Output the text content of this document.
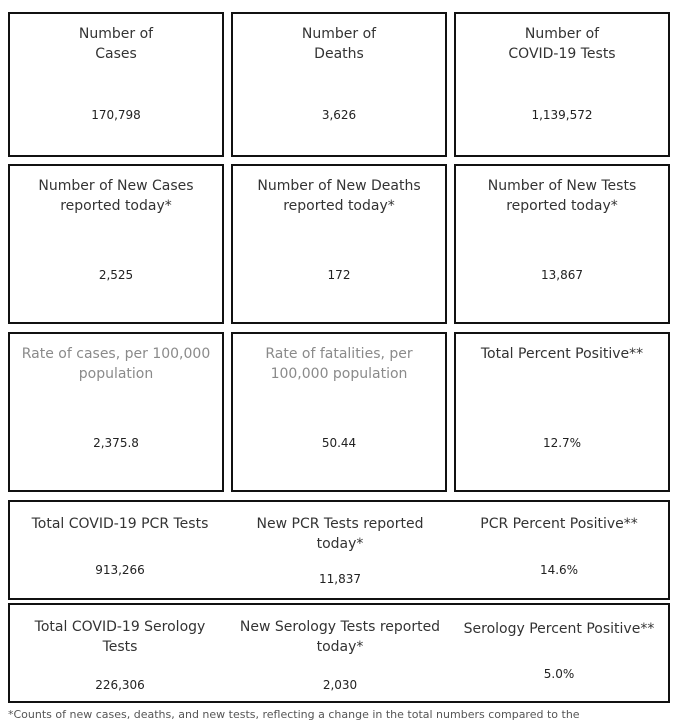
Number of
Cases
170,798
Number of
Deaths
3,626
Number of
COVID-19 Tests
1,139,572
Number of New Cases
reported today*
2,525
Number of New Deaths
reported today*
172
Number of New Tests
reported today*
13,867
Rate of cases, per 100,000
population
2,375.8
Rate of fatalities, per
100,000 population
50.44
Total Percent Positive**
12.7%
Total COVID-19 PCR Tests
913,266
New PCR Tests reported
today*
11,837
PCR Percent Positive**
14.6%
Total COVID-19 Serology
Tests
226,306
New Serology Tests reported
today*
2,030
Serology Percent Positive**
5.0%
*Counts of new cases, deaths, and new tests, reflecting a change in the total numbers compared to the
